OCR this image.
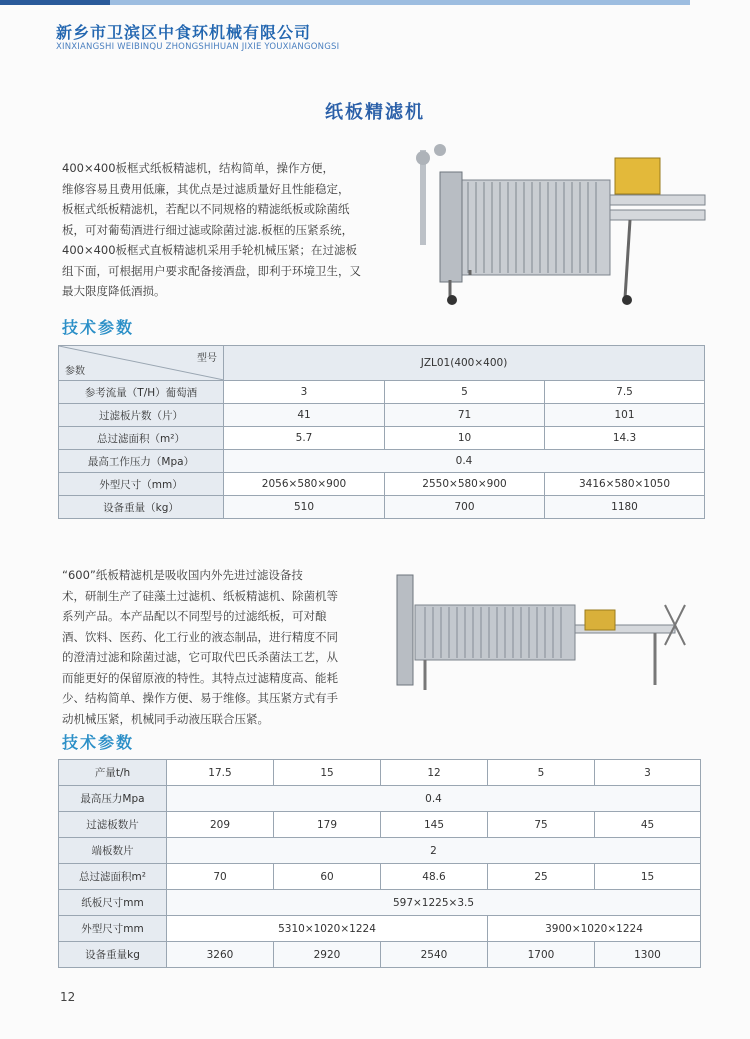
新乡市卫滨区中食环机械有限公司
XINXIANGSHI WEIBINQU ZHONGSHIHUAN JIXIE YOUXIANGONGSI
纸板精滤机
400×400板框式纸板精滤机，结构简单，操作方便，
维修容易且费用低廉，其优点是过滤质量好且性能稳定，
板框式纸板精滤机，若配以不同规格的精滤纸板或除菌纸
板，可对葡萄酒进行细过滤或除菌过滤.板框的压紧系统，
400×400板框式直板精滤机采用手轮机械压紧；在过滤板
组下面，可根据用户要求配备接酒盘，即利于环境卫生，又
最大限度降低酒损。
技术参数
型号
参数	JZL01(400×400)		
参考流量（T/H）葡萄酒	3	5	7.5
过滤板片数（片）	41	71	101
总过滤面积（m²）	5.7	10	14.3
最高工作压力（Mpa）	0.4		
外型尺寸（mm）	2056×580×900	2550×580×900	3416×580×1050
设备重量（kg）	510	700	1180
“600”纸板精滤机是吸收国内外先进过滤设备技
术，研制生产了硅藻土过滤机、纸板精滤机、除菌机等
系列产品。本产品配以不同型号的过滤纸板，可对酿
酒、饮料、医药、化工行业的液态制品，进行精度不同
的澄清过滤和除菌过滤，它可取代巴氏杀菌法工艺，从
而能更好的保留原液的特性。其特点过滤精度高、能耗
少、结构简单、操作方便、易于维修。其压紧方式有手
动机械压紧，机械同手动液压联合压紧。
技术参数
产量t/h	17.5	15	12	5	3
最高压力Mpa	0.4				
过滤板数片	209	179	145	75	45
端板数片	2				
总过滤面积m²	70	60	48.6	25	15
纸板尺寸mm	597×1225×3.5				
外型尺寸mm	5310×1020×1224			3900×1020×1224	
设备重量kg	3260	2920	2540	1700	1300
12
